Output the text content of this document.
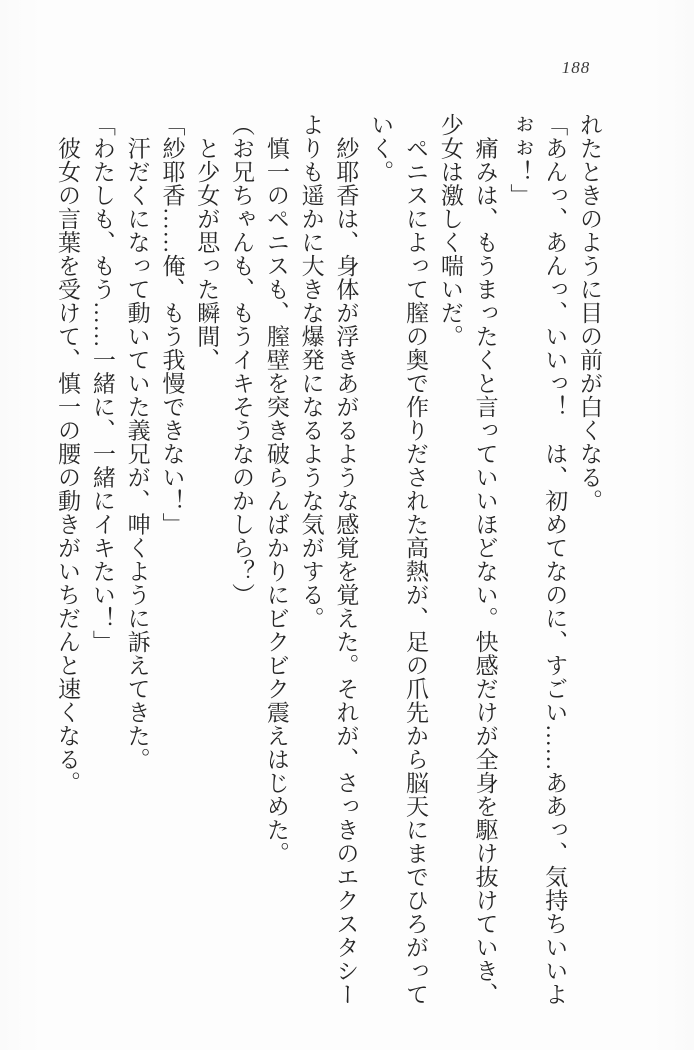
188

れたときのように目の前が白くなる。

「あんっ、あんっ、いいっ！　は、初めてなのに、すごい……ああっ、気持ちいいよ

ぉぉ！」

　痛みは、もうまったくと言っていいほどない。快感だけが全身を駆け抜けていき、

少女は激しく喘いだ。

　ペニスによって膣の奥で作りだされた高熱が、足の爪先から脳天にまでひろがって

いく。

　紗耶香は、身体が浮きあがるような感覚を覚えた。それが、さっきのエクスタシー

よりも遥かに大きな爆発になるような気がする。

　慎一のペニスも、膣壁を突き破らんばかりにビクビク震えはじめた。

（お兄ちゃんも、もうイキそうなのかしら？）

　と少女が思った瞬間、

「紗耶香……俺、もう我慢できない！」

　汗だくになって動いていた義兄が、呻くように訴えてきた。

「わたしも、もう……一緒に、一緒にイキたい！」

　彼女の言葉を受けて、慎一の腰の動きがいちだんと速くなる。
